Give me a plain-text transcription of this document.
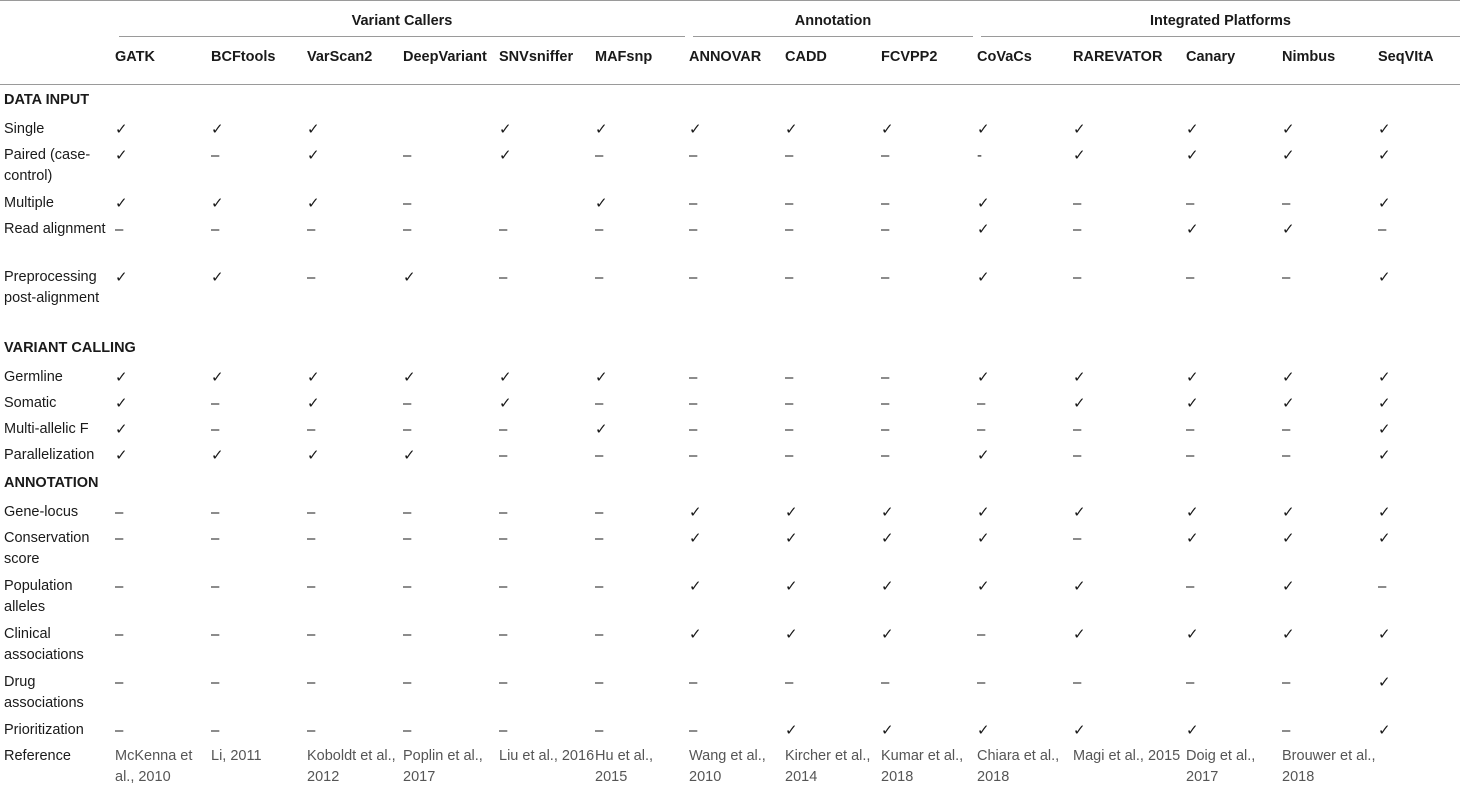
	Variant Callers						Annotation			Integrated Platforms				

	GATK	BCFtools	VarScan2	DeepVariant	SNVsniffer	MAFsnp	ANNOVAR	CADD	FCVPP2	CoVaCs	RAREVATOR	Canary	Nimbus	SeqVItA
DATA INPUT														
Single	✓	✓	✓		✓	✓	✓	✓	✓	✓	✓	✓	✓	✓
Paired (case-control)	✓	–	✓	–	✓	–	–	–	–	-	✓	✓	✓	✓
Multiple	✓	✓	✓	–		✓	–	–	–	✓	–	–	–	✓
Read alignment	–	–	–	–	–	–	–	–	–	✓	–	✓	✓	–
Preprocessing post-alignment	✓	✓	–	✓	–	–	–	–	–	✓	–	–	–	✓
VARIANT CALLING														
Germline	✓	✓	✓	✓	✓	✓	–	–	–	✓	✓	✓	✓	✓
Somatic	✓	–	✓	–	✓	–	–	–	–	–	✓	✓	✓	✓
Multi-allelic F	✓	–	–	–	–	✓	–	–	–	–	–	–	–	✓
Parallelization	✓	✓	✓	✓	–	–	–	–	–	✓	–	–	–	✓
ANNOTATION														
Gene-locus	–	–	–	–	–	–	✓	✓	✓	✓	✓	✓	✓	✓
Conservation score	–	–	–	–	–	–	✓	✓	✓	✓	–	✓	✓	✓
Population alleles	–	–	–	–	–	–	✓	✓	✓	✓	✓	–	✓	–
Clinical associations	–	–	–	–	–	–	✓	✓	✓	–	✓	✓	✓	✓
Drug associations	–	–	–	–	–	–	–	–	–	–	–	–	–	✓
Prioritization	–	–	–	–	–	–	–	✓	✓	✓	✓	✓	–	✓
Reference	McKenna et al., 2010	Li, 2011	Koboldt et al., 2012	Poplin et al., 2017	Liu et al., 2016	Hu et al., 2015	Wang et al., 2010	Kircher et al., 2014	Kumar et al., 2018	Chiara et al., 2018	Magi et al., 2015	Doig et al., 2017	Brouwer et al., 2018	
